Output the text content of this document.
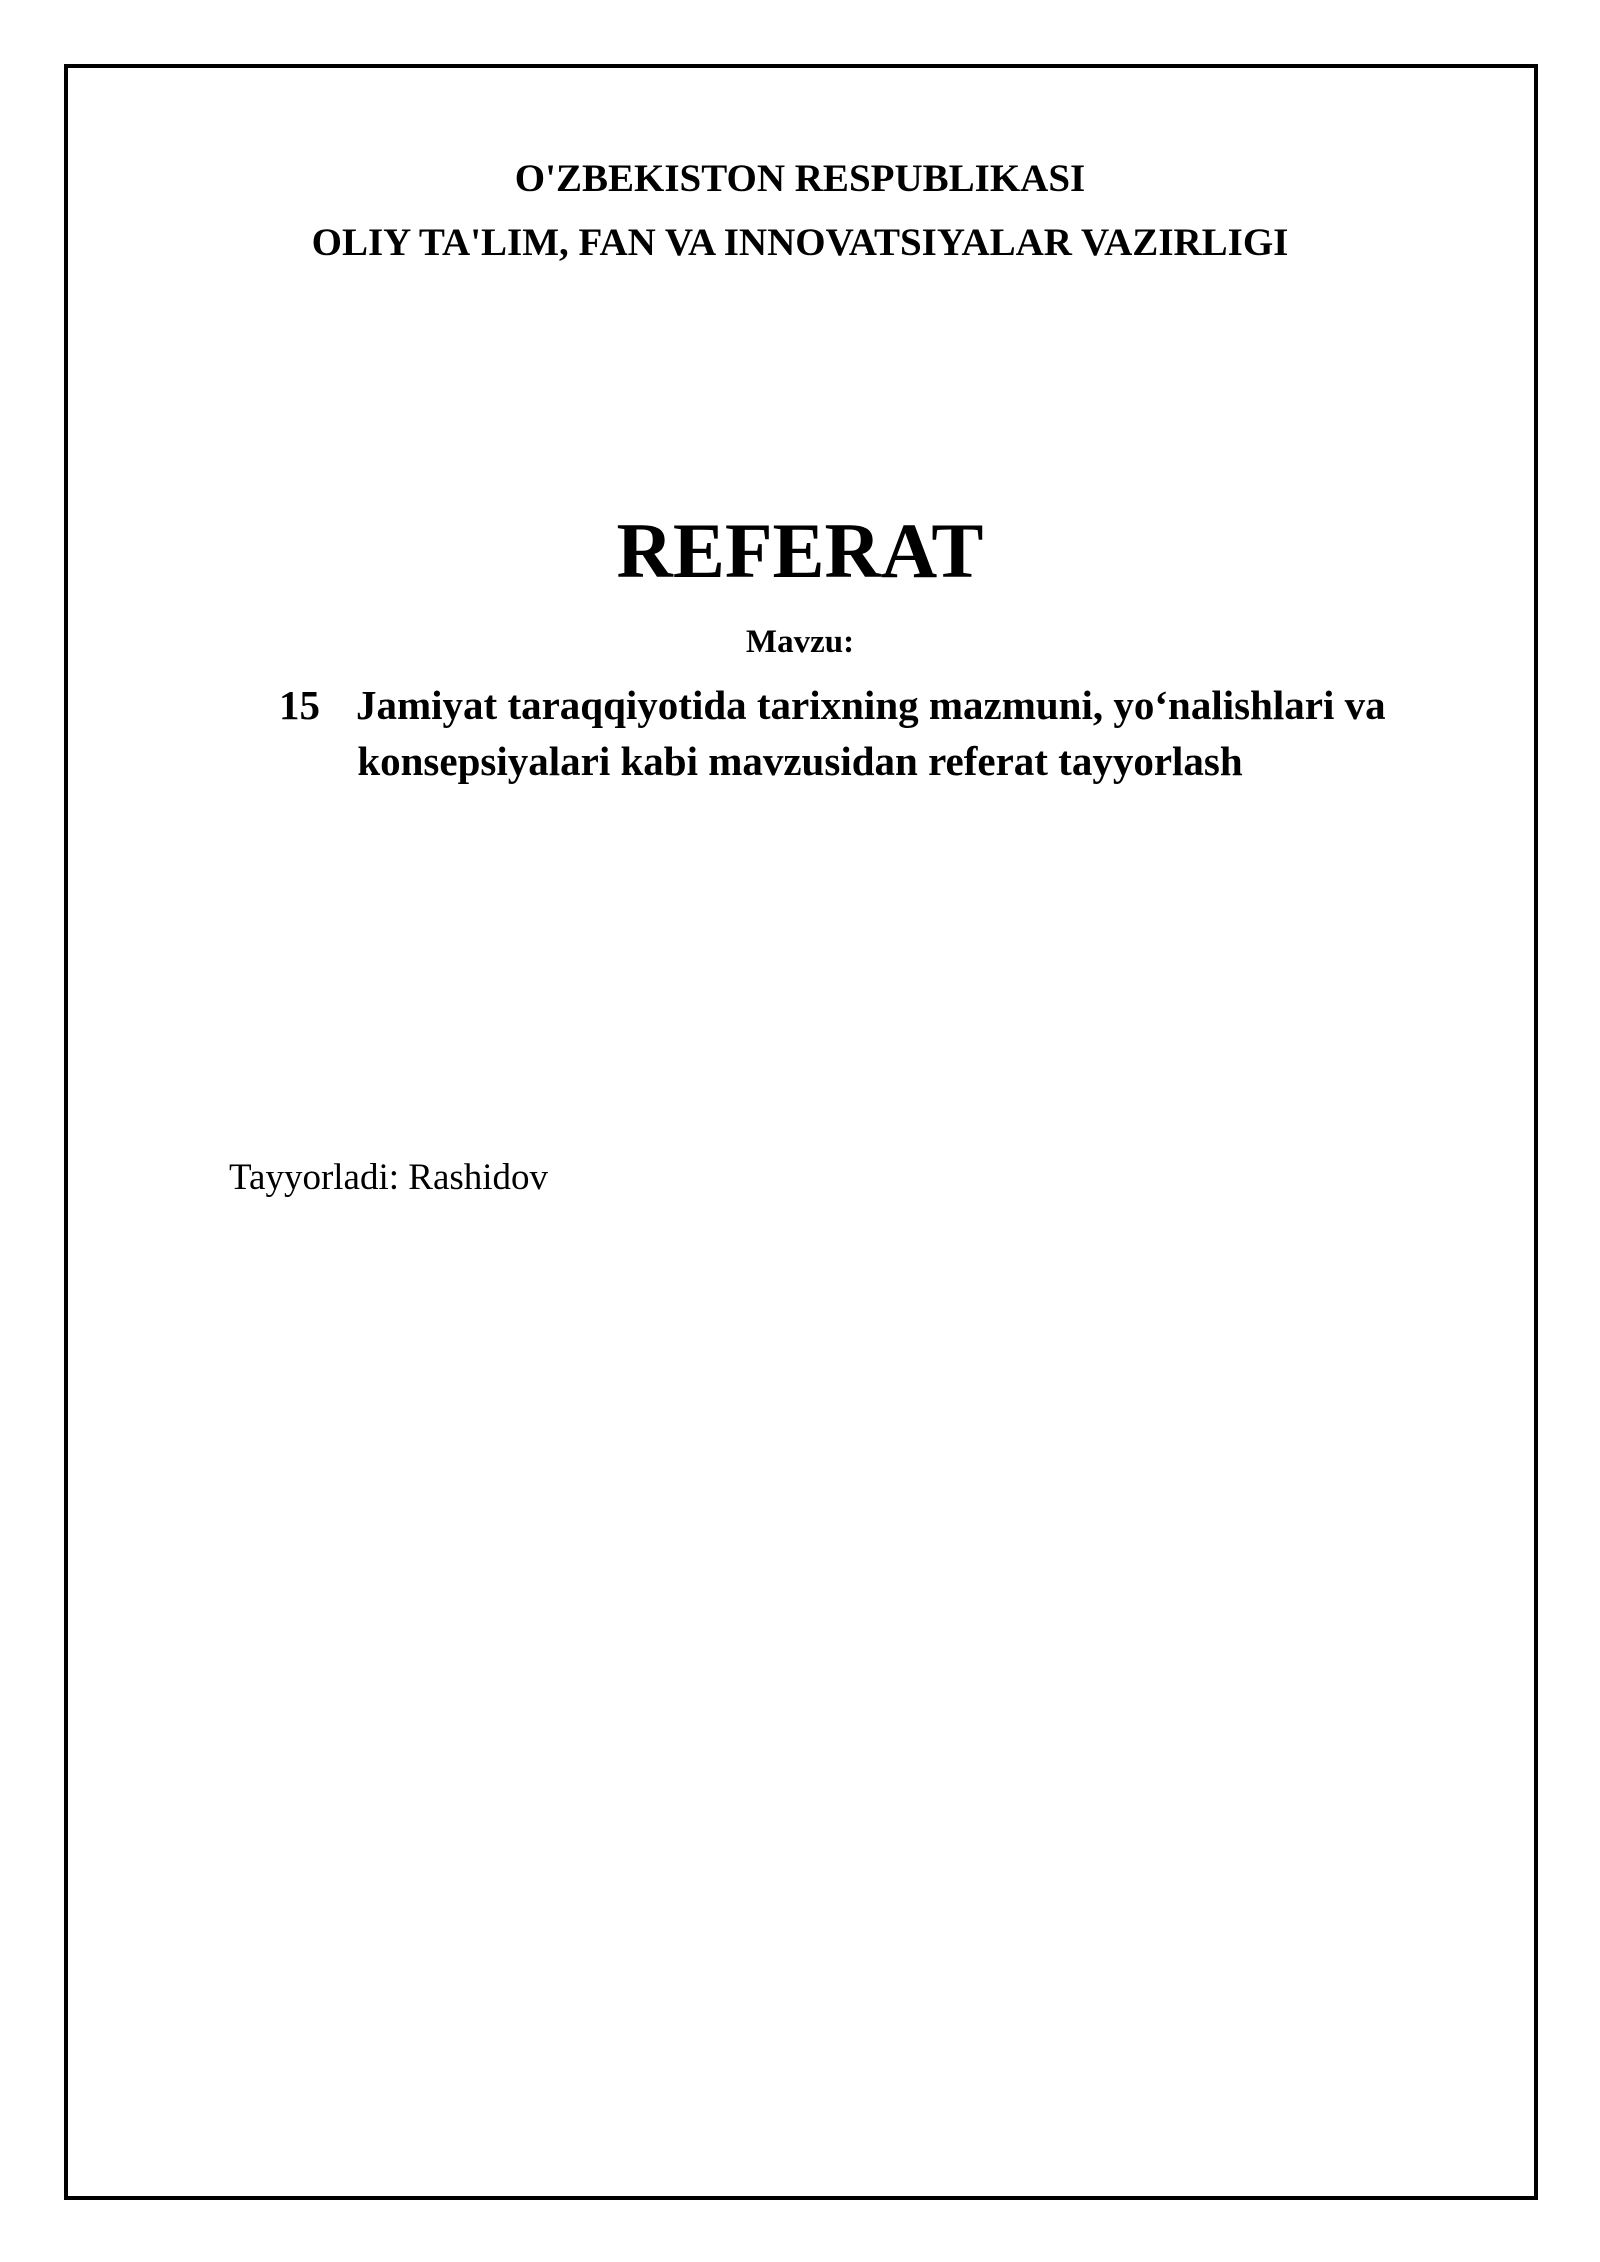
O'ZBEKISTON RESPUBLIKASI
OLIY TA'LIM, FAN VA INNOVATSIYALAR VAZIRLIGI
REFERAT
Mavzu:
15 Jamiyat taraqqiyotida tarixning mazmuni, yo‘nalishlari va
konsepsiyalari kabi mavzusidan referat tayyorlash
Tayyorladi: Rashidov
